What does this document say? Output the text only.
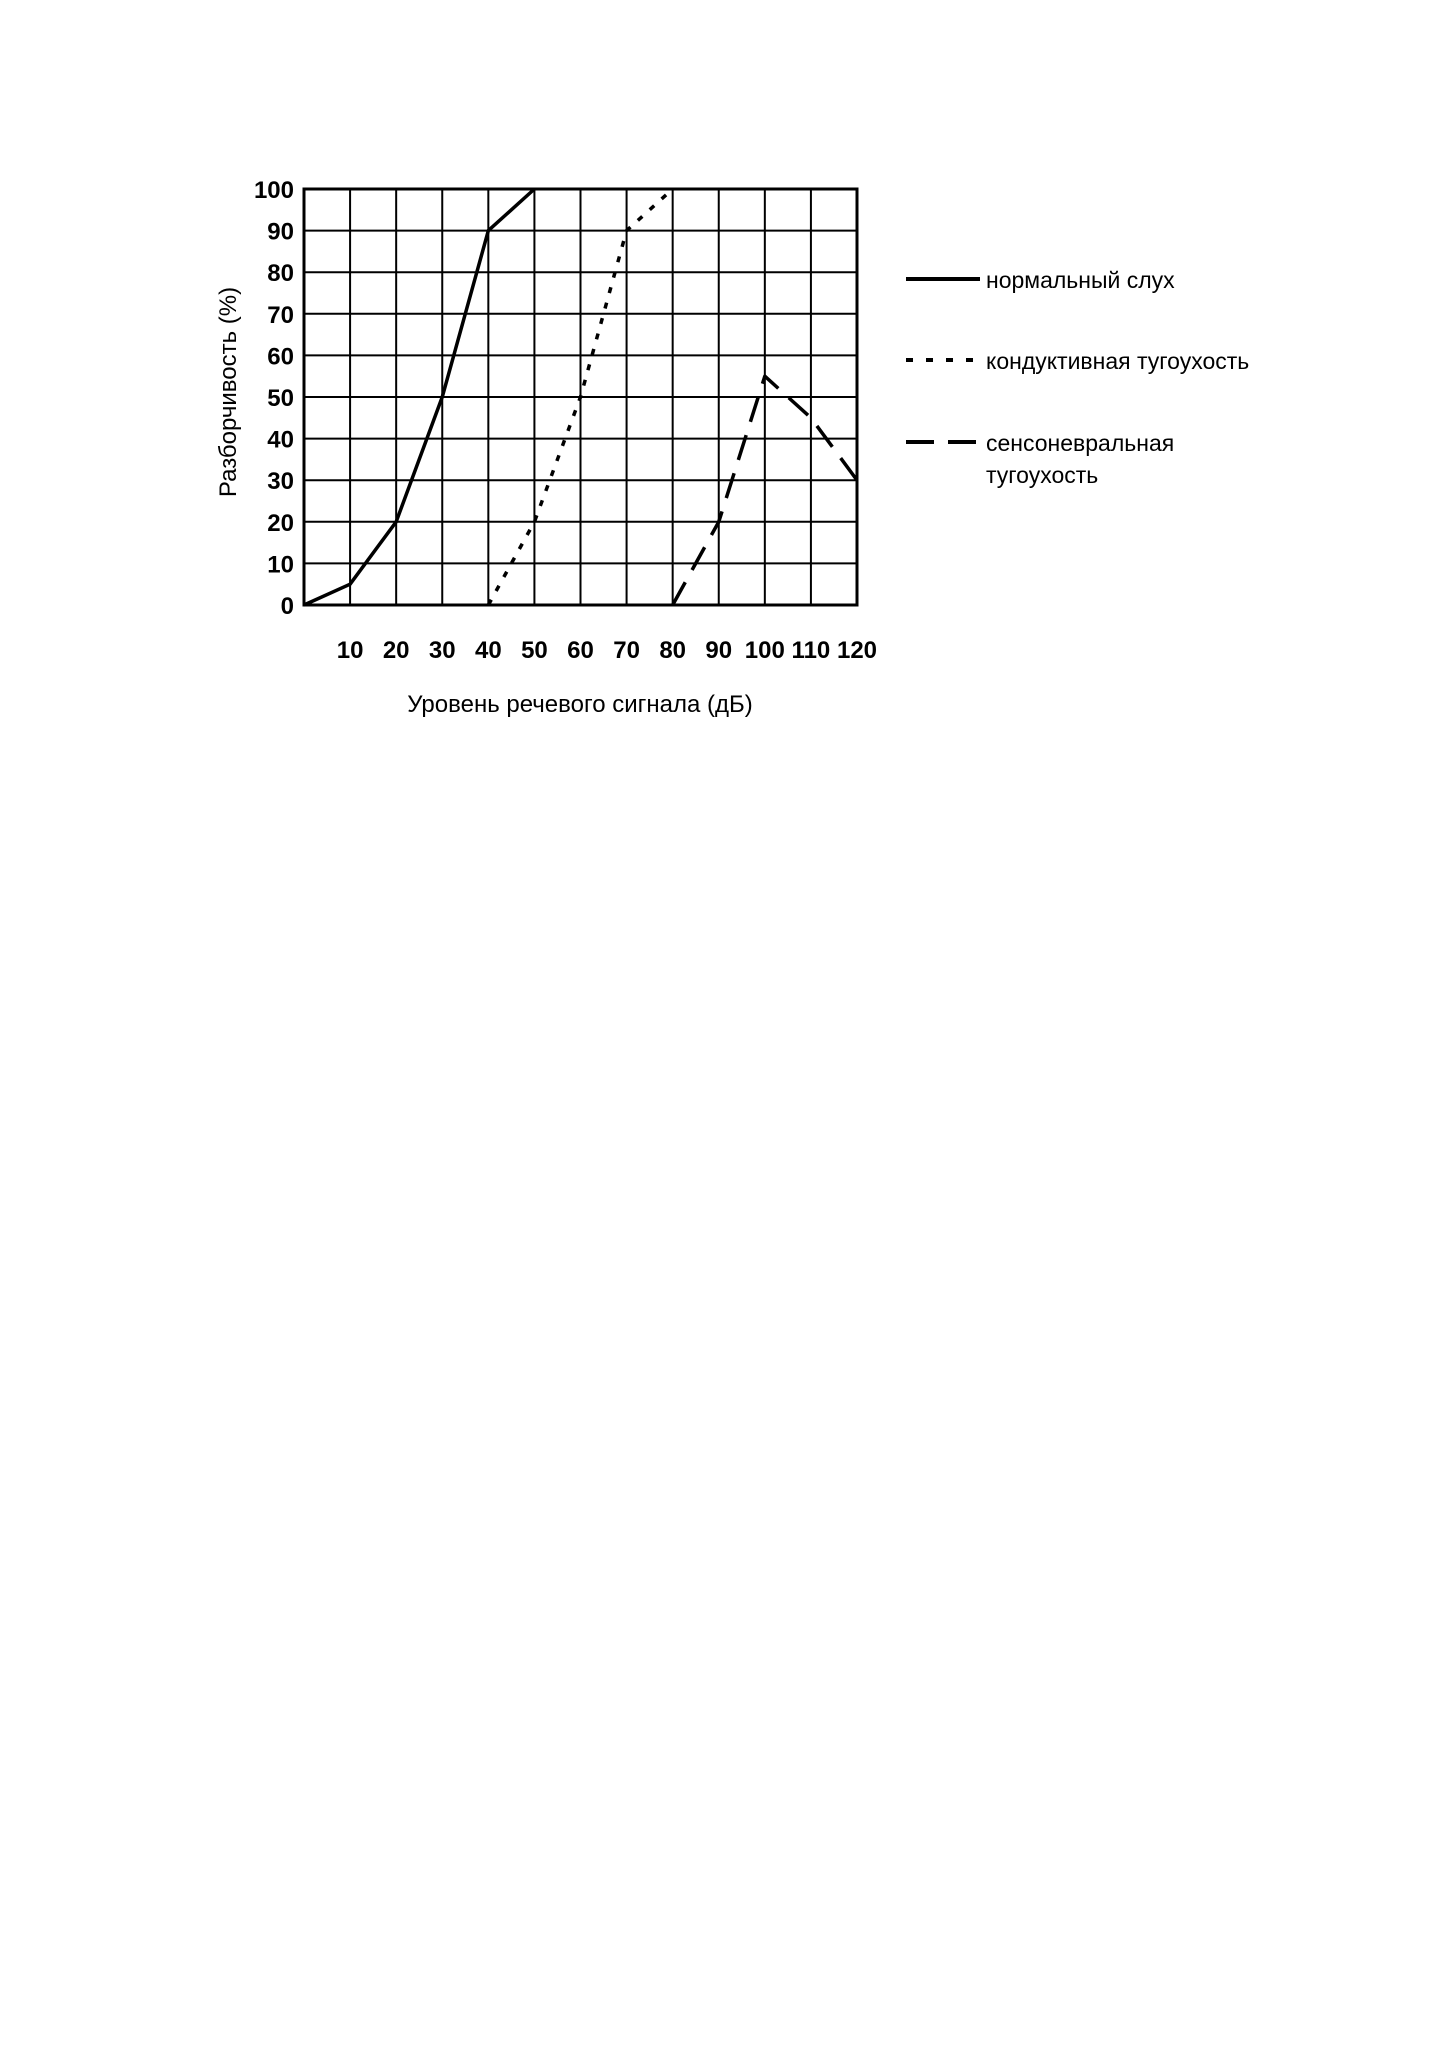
0
10
20
30
40
50
60
70
80
90
100
10 20 30 40 50 60 70 80 90 100 110 120
Уровень речевого сигнала (дБ)
Разборчивость (%)
нормальный слух
кондуктивная тугоухость
сенсоневральная
тугоухость
